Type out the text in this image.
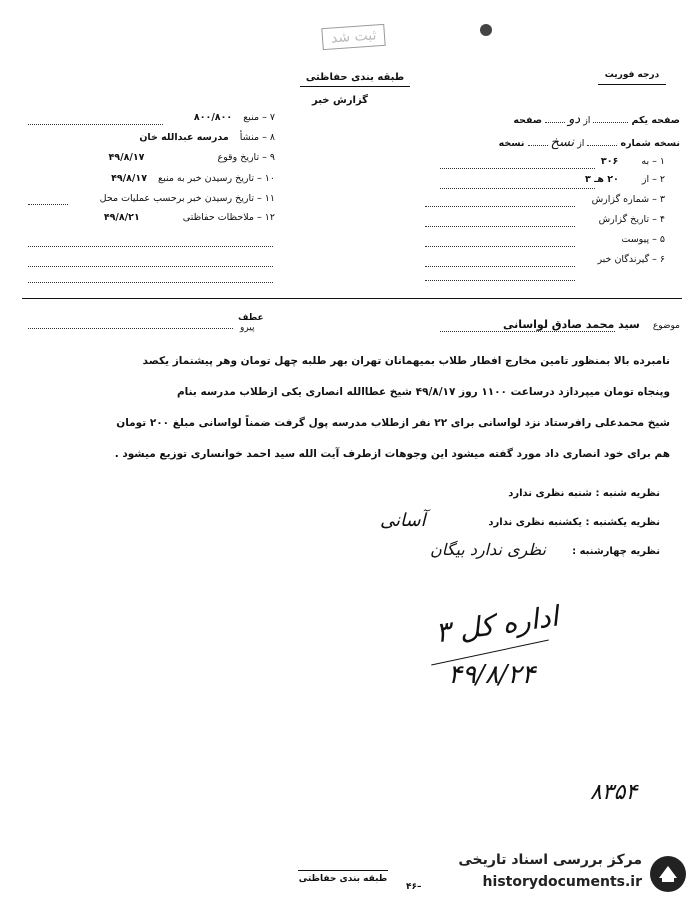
ثبت شد
طبقه بندی حفاظتی	درجه فوریت
گزارش خبر
صفحه یکم  از دو  صفحه
نسخه شماره  از نسخ  نسخه
۱ – به ۳۰۶
۲ – از ۲۰ هـ ۳
۳ – شماره گزارش
۴ – تاریخ گزارش
۵ – پیوست
۶ – گیرندگان خبر
۷ – منبع ۸۰۰/۸۰۰
۸ – منشأ مدرسه عبدالله خان
۹ – تاریخ وقوع ۴۹/۸/۱۷
۱۰ – تاریخ رسیدن خبر به منبع ۴۹/۸/۱۷
۱۱ – تاریخ رسیدن خبر برحسب عملیات محل
۱۲ – ملاحظات حفاظتی ۴۹/۸/۲۱
عطف
پیرو	موضوع سید محمد صادق لواسانی
نامبرده بالا بمنظور تامین مخارج افطار طلاب بمیهمانان تهران بهر طلبه چهل تومان وهر پیشنماز یکصد
وپنجاه تومان میپردازد درساعت ۱۱۰۰ روز ۴۹/۸/۱۷ شیخ عطاالله انصاری یکی ازطلاب مدرسه بنام
شیخ محمدعلی رافرستاد نزد لواسانی برای ۲۲ نفر ازطلاب مدرسه پول گرفت ضمناً لواسانی مبلغ ۲۰۰ تومان
هم برای خود انصاری داد مورد گفته میشود این وجوهات ازطرف آیت الله سید احمد خوانساری توزیع میشود .
نظریه شنبه : شنبه نظری ندارد
نظریه یکشنبه : یکشنبه نظری ندارد
آسانی
نظریه چهارشنبه :
نظری ندارد بیگان
اداره کل ۳
۴۹/۸/۲۴
۸۳۵۴
طبقه بندی حفاظتی
۴۶–
مرکز بررسی اسناد تاریخی
historydocuments.ir
